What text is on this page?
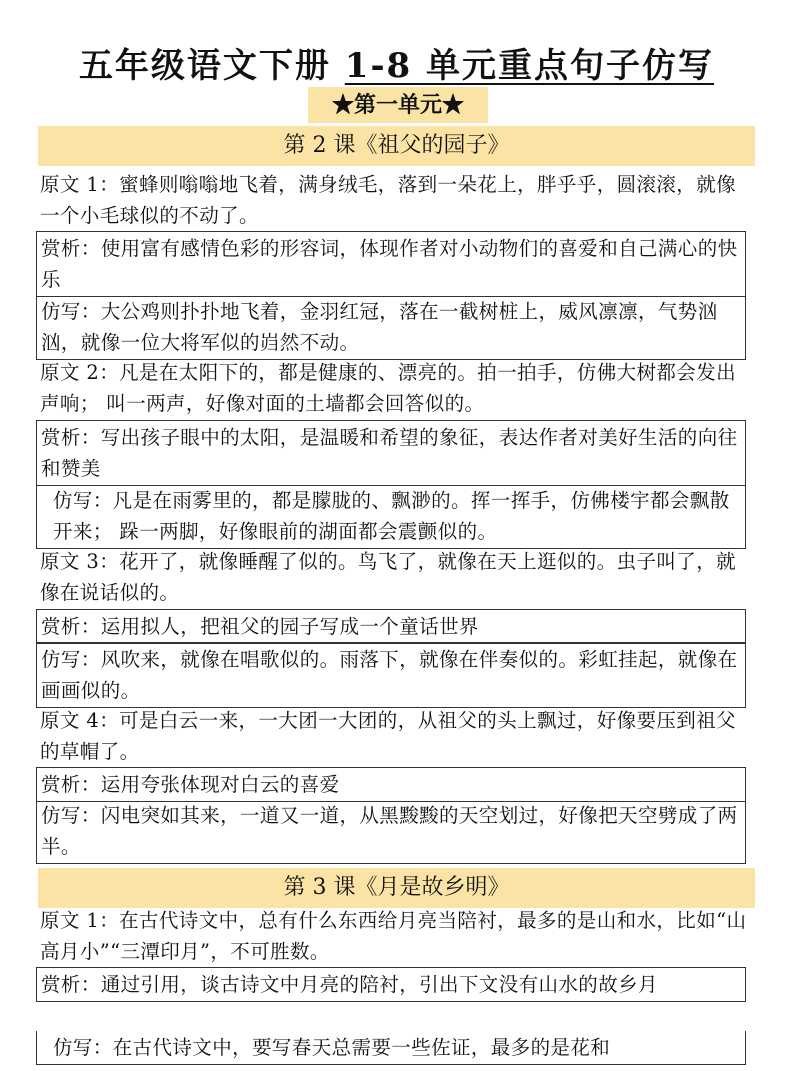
五年级语文下册 1-8 单元重点句子仿写
★第一单元★
第 2 课《祖父的园子》
原文 1：蜜蜂则嗡嗡地飞着，满身绒毛，落到一朵花上，胖乎乎，圆滚滚，就像一个小毛球似的不动了。
赏析：使用富有感情色彩的形容词，体现作者对小动物们的喜爱和自己满心的快乐
仿写：大公鸡则扑扑地飞着，金羽红冠，落在一截树桩上，威风凛凛，气势汹汹，就像一位大将军似的岿然不动。
原文 2：凡是在太阳下的，都是健康的、漂亮的。拍一拍手，仿佛大树都会发出声响； 叫一两声，好像对面的土墙都会回答似的。
赏析：写出孩子眼中的太阳，是温暖和希望的象征，表达作者对美好生活的向往和赞美
仿写：凡是在雨雾里的，都是朦胧的、飘渺的。挥一挥手，仿佛楼宇都会飘散开来； 跺一两脚，好像眼前的湖面都会震颤似的。
原文 3：花开了，就像睡醒了似的。鸟飞了，就像在天上逛似的。虫子叫了，就像在说话似的。
赏析：运用拟人，把祖父的园子写成一个童话世界
仿写：风吹来，就像在唱歌似的。雨落下，就像在伴奏似的。彩虹挂起，就像在画画似的。
原文 4：可是白云一来，一大团一大团的，从祖父的头上飘过，好像要压到祖父的草帽了。
赏析：运用夸张体现对白云的喜爱
仿写：闪电突如其来，一道又一道，从黑黢黢的天空划过，好像把天空劈成了两半。
第 3 课《月是故乡明》
原文 1：在古代诗文中，总有什么东西给月亮当陪衬，最多的是山和水，比如“山高月小”“三潭印月”，不可胜数。
赏析：通过引用，谈古诗文中月亮的陪衬，引出下文没有山水的故乡月
仿写：在古代诗文中，要写春天总需要一些佐证，最多的是花和
